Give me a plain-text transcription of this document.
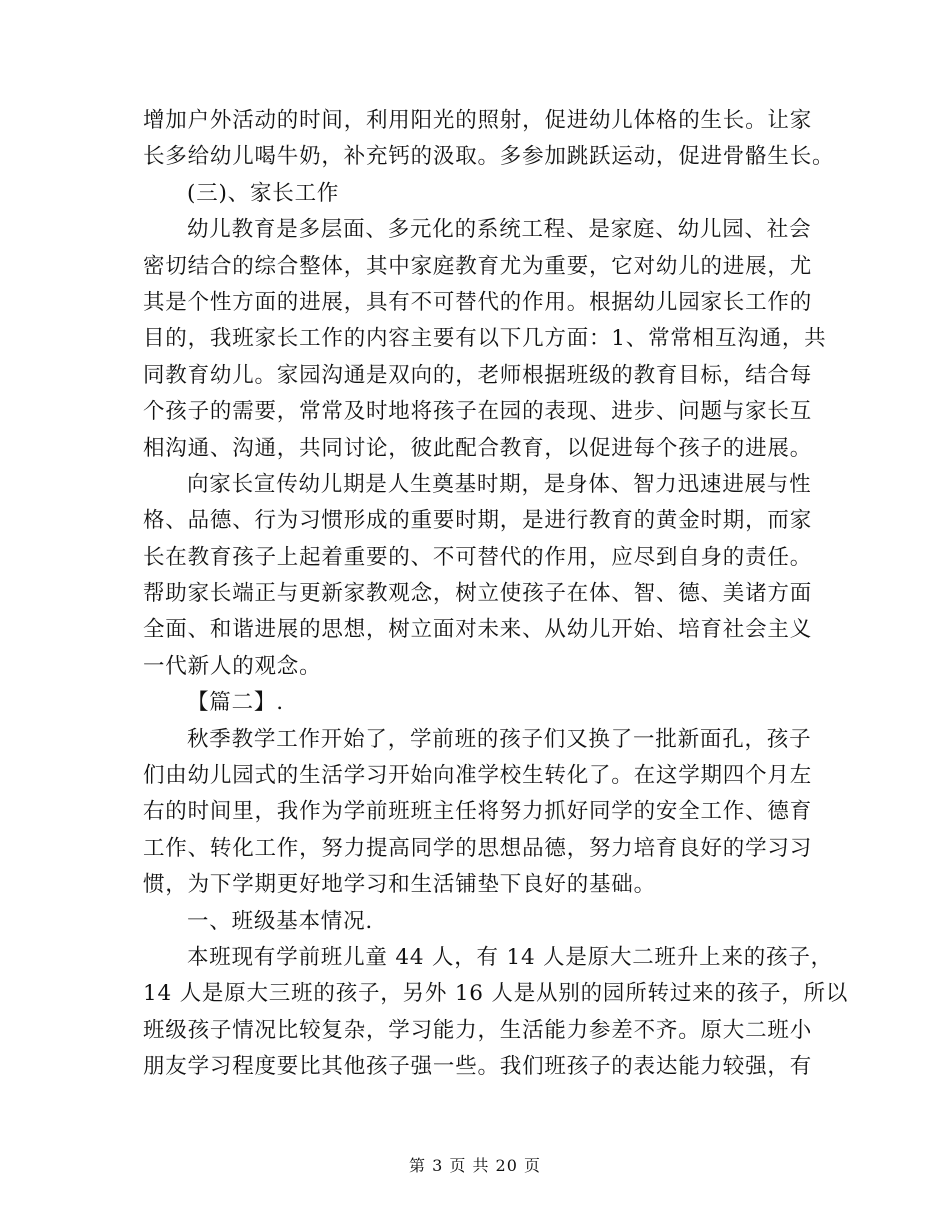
增加户外活动的时间，利用阳光的照射，促进幼儿体格的生长。让家
长多给幼儿喝牛奶，补充钙的汲取。多参加跳跃运动，促进骨骼生长。
(三)、家长工作
幼儿教育是多层面、多元化的系统工程、是家庭、幼儿园、社会
密切结合的综合整体，其中家庭教育尤为重要，它对幼儿的进展，尤
其是个性方面的进展，具有不可替代的作用。根据幼儿园家长工作的
目的，我班家长工作的内容主要有以下几方面：1、常常相互沟通，共
同教育幼儿。家园沟通是双向的，老师根据班级的教育目标，结合每
个孩子的需要，常常及时地将孩子在园的表现、进步、问题与家长互
相沟通、沟通，共同讨论，彼此配合教育，以促进每个孩子的进展。
向家长宣传幼儿期是人生奠基时期，是身体、智力迅速进展与性
格、品德、行为习惯形成的重要时期，是进行教育的黄金时期，而家
长在教育孩子上起着重要的、不可替代的作用，应尽到自身的责任。
帮助家长端正与更新家教观念，树立使孩子在体、智、德、美诸方面
全面、和谐进展的思想，树立面对未来、从幼儿开始、培育社会主义
一代新人的观念。
【篇二】.
秋季教学工作开始了，学前班的孩子们又换了一批新面孔，孩子
们由幼儿园式的生活学习开始向准学校生转化了。在这学期四个月左
右的时间里，我作为学前班班主任将努力抓好同学的安全工作、德育
工作、转化工作，努力提高同学的思想品德，努力培育良好的学习习
惯，为下学期更好地学习和生活铺垫下良好的基础。
一、班级基本情况.
本班现有学前班儿童 44 人，有 14 人是原大二班升上来的孩子，
14 人是原大三班的孩子，另外 16 人是从别的园所转过来的孩子，所以
班级孩子情况比较复杂，学习能力，生活能力参差不齐。原大二班小
朋友学习程度要比其他孩子强一些。我们班孩子的表达能力较强，有
第 3 页 共 20 页
